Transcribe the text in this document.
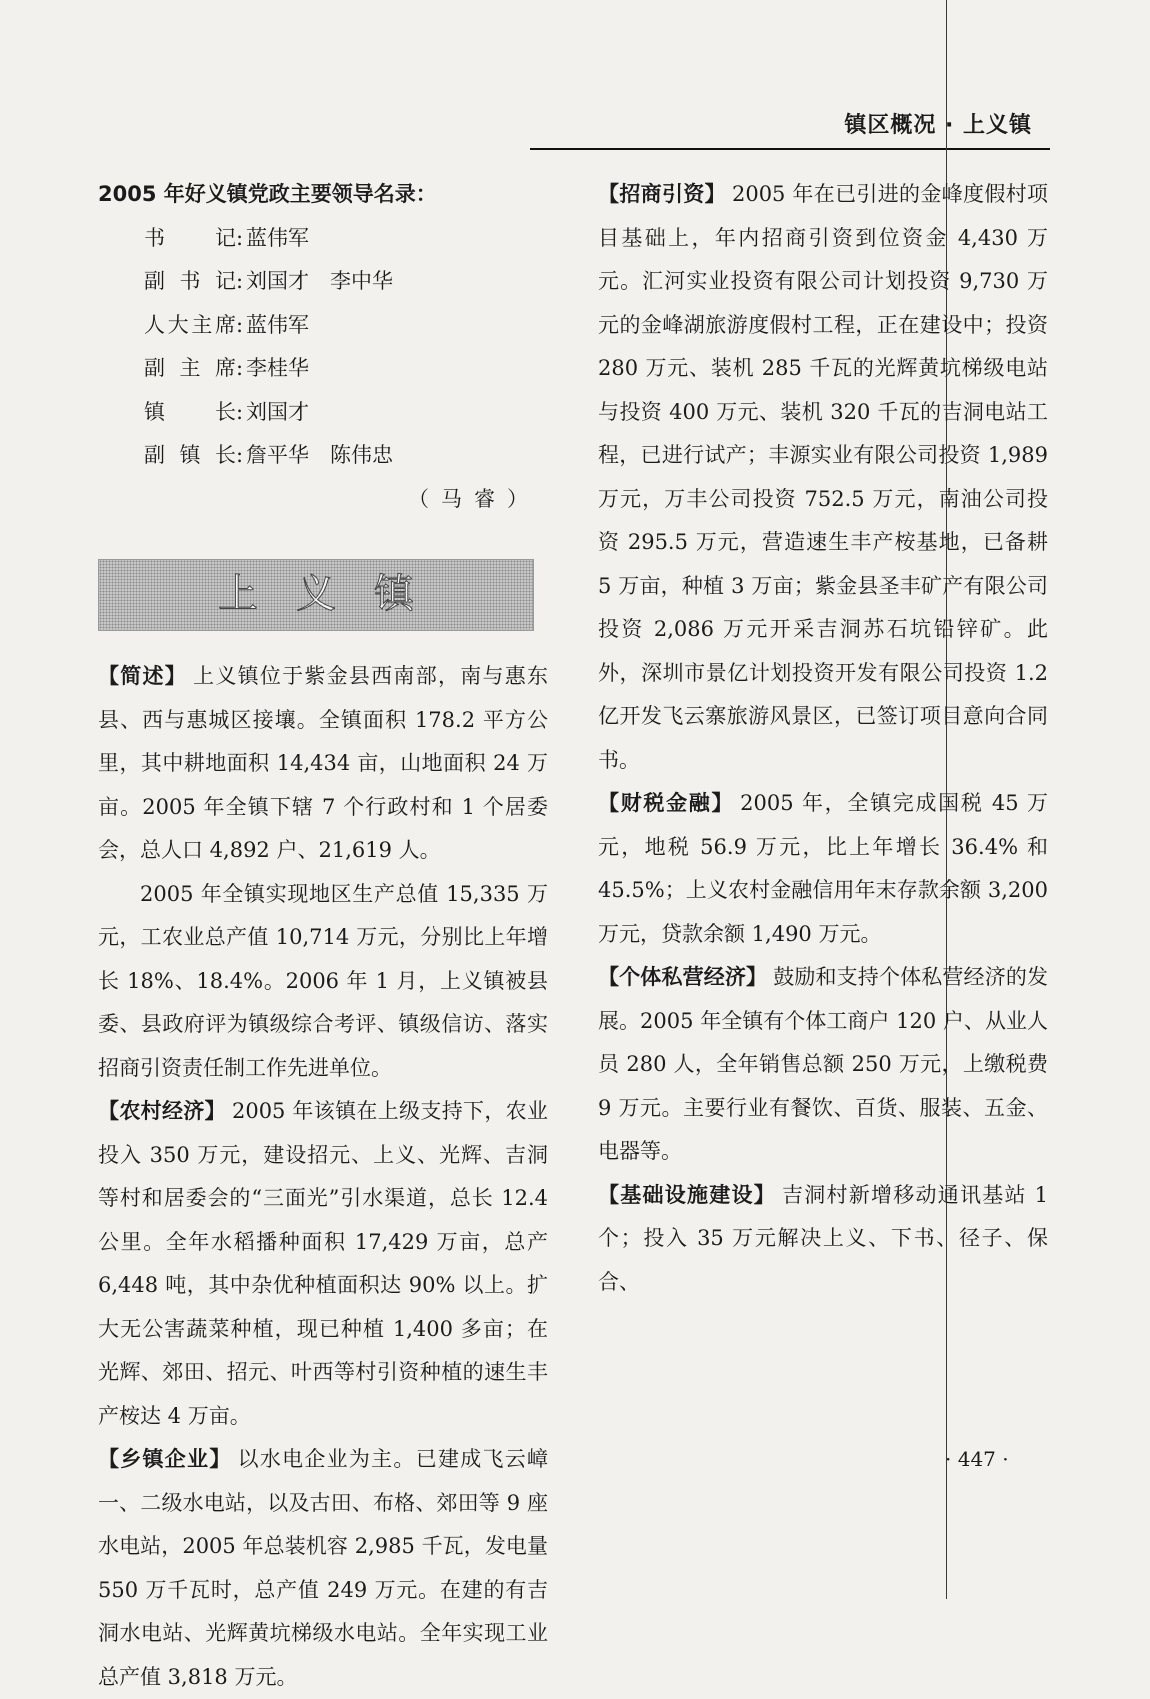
镇区概况 · 上义镇

2005 年好义镇党政主要领导名录：

书记: 蓝伟军

副书记: 刘国才　李中华

人大主席: 蓝伟军

副主席: 李桂华

镇长: 刘国才

副镇长: 詹平华　陈伟忠

（马睿）

上义镇

【简述】 上义镇位于紫金县西南部，南与惠东县、西与惠城区接壤。全镇面积 178.2 平方公里，其中耕地面积 14,434 亩，山地面积 24 万亩。2005 年全镇下辖 7 个行政村和 1 个居委会，总人口 4,892 户、21,619 人。

2005 年全镇实现地区生产总值 15,335 万元，工农业总产值 10,714 万元，分别比上年增长 18%、18.4%。2006 年 1 月，上义镇被县委、县政府评为镇级综合考评、镇级信访、落实招商引资责任制工作先进单位。

【农村经济】 2005 年该镇在上级支持下，农业投入 350 万元，建设招元、上义、光辉、吉洞等村和居委会的“三面光”引水渠道，总长 12.4 公里。全年水稻播种面积 17,429 万亩，总产 6,448 吨，其中杂优种植面积达 90% 以上。扩大无公害蔬菜种植，现已种植 1,400 多亩；在光辉、郊田、招元、叶西等村引资种植的速生丰产桉达 4 万亩。

【乡镇企业】 以水电企业为主。已建成飞云嶂一、二级水电站，以及古田、布格、郊田等 9 座水电站，2005 年总装机容 2,985 千瓦，发电量 550 万千瓦时，总产值 249 万元。在建的有吉洞水电站、光辉黄坑梯级水电站。全年实现工业总产值 3,818 万元。

【招商引资】 2005 年在已引进的金峰度假村项目基础上，年内招商引资到位资金 4,430 万元。汇河实业投资有限公司计划投资 9,730 万元的金峰湖旅游度假村工程，正在建设中；投资 280 万元、装机 285 千瓦的光辉黄坑梯级电站与投资 400 万元、装机 320 千瓦的吉洞电站工程，已进行试产；丰源实业有限公司投资 1,989 万元，万丰公司投资 752.5 万元，南油公司投资 295.5 万元，营造速生丰产桉基地，已备耕 5 万亩，种植 3 万亩；紫金县圣丰矿产有限公司投资 2,086 万元开采吉洞苏石坑铅锌矿。此外，深圳市景亿计划投资开发有限公司投资 1.2 亿开发飞云寨旅游风景区，已签订项目意向合同书。

【财税金融】 2005 年，全镇完成国税 45 万元，地税 56.9 万元，比上年增长 36.4% 和 45.5%；上义农村金融信用年末存款余额 3,200 万元，贷款余额 1,490 万元。

【个体私营经济】 鼓励和支持个体私营经济的发展。2005 年全镇有个体工商户 120 户、从业人员 280 人，全年销售总额 250 万元，上缴税费 9 万元。主要行业有餐饮、百货、服装、五金、电器等。

【基础设施建设】 吉洞村新增移动通讯基站 1 个；投入 35 万元解决上义、下书、径子、保合、

· 447 ·
